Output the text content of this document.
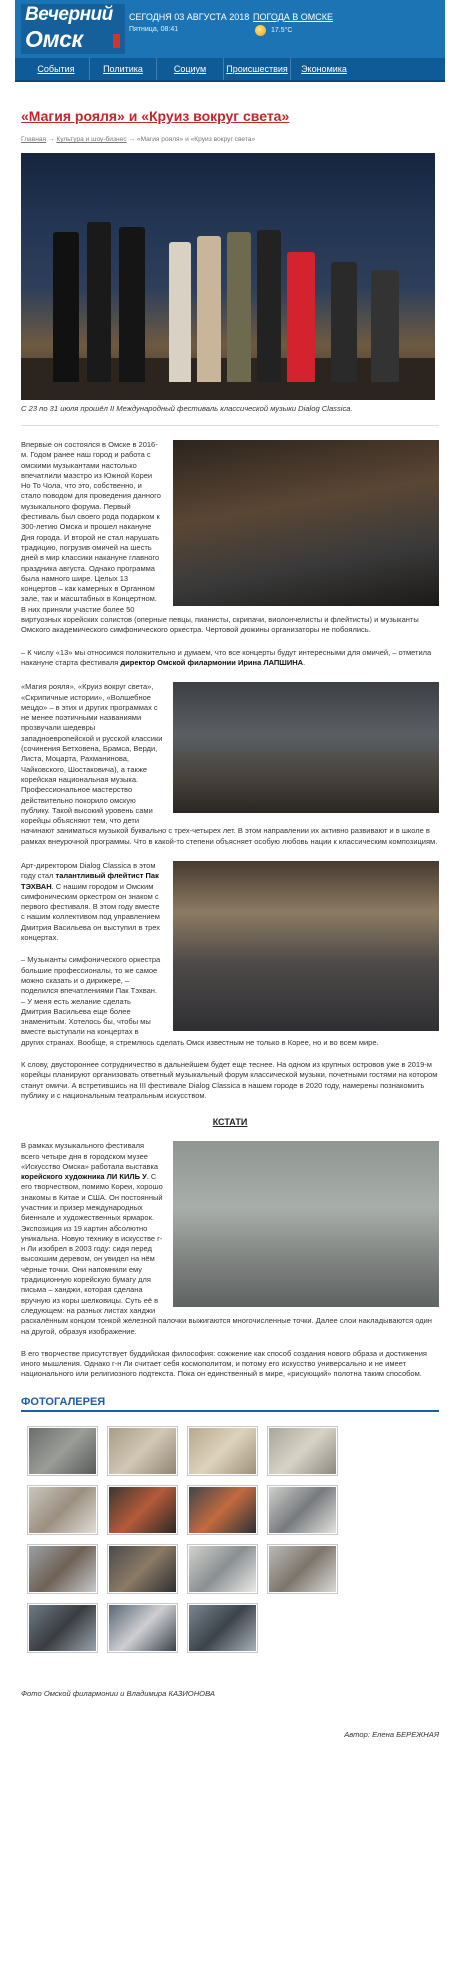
Вечерний
Омск
СЕГОДНЯ 03 АВГУСТА 2018
Пятница, 08:41
ПОГОДА В ОМСКЕ
17.5°C
События	Политика	Социум	Происшествия	Экономика
«Магия рояля» и «Круиз вокруг света»
Главная → Культура и шоу-бизнес → «Магия рояля» и «Круиз вокруг света»
С 23 по 31 июля прошёл II Международный фестиваль классической музыки Dialog Classica.
Впервые он состоялся в Омске в 2016-м. Годом ранее наш город и работа с омскими музыкантами настолько впечатлили маэстро из Южной Кореи Но То Чола, что это, собственно, и стало поводом для проведения данного музыкального форума. Первый фестиваль был своего рода подарком к 300-летию Омска и прошел накануне Дня города. И второй не стал нарушать традицию, погрузив омичей на шесть дней в мир классики накануне главного праздника августа. Однако программа была намного шире. Целых 13 концертов – как камерных в Органном зале, так и масштабных в Концертном. В них приняли участие более 50 виртуозных корейских солистов (оперные певцы, пианисты, скрипачи, виолончелисты и флейтисты) и музыканты Омского академического симфонического оркестра. Чертовой дюжины организаторы не побоялись.
– К числу «13» мы относимся положительно и думаем, что все концерты будут интересными для омичей, – отметила накануне старта фестиваля директор Омской филармонии Ирина ЛАПШИНА.
«Магия рояля», «Круиз вокруг света», «Скрипичные истории», «Волшебное мецдо» – в этих и других программах с не менее поэтичными названиями прозвучали шедевры западноевропейской и русской классики (сочинения Бетховена, Брамса, Верди, Листа, Моцарта, Рахманинова, Чайковского, Шостаковича), а также корейская национальная музыка. Профессиональное мастерство действительно покорило омскую публику. Такой высокий уровень сами корейцы объясняют тем, что дети начинают заниматься музыкой буквально с трех-четырех лет. В этом направлении их активно развивают и в школе в рамках внеурочной программы. Что в какой-то степени объясняет особую любовь нации к классическим композициям.
Арт-директором Dialog Classica в этом году стал талантливый флейтист Пак ТЭХВАН. С нашим городом и Омским симфоническим оркестром он знаком с первого фестиваля. В этом году вместе с нашим коллективом под управлением Дмитрия Васильева он выступил в трех концертах.
– Музыканты симфонического оркестра большие профессионалы, то же самое можно сказать и о дирижере, – поделился впечатлениями Пак Тэхван. – У меня есть желание сделать Дмитрия Васильева еще более знаменитым. Хотелось бы, чтобы мы вместе выступали на концертах в других странах. Вообще, я стремлюсь сделать Омск известным не только в Корее, но и во всем мире.
К слову, двустороннее сотрудничество в дальнейшем будет еще теснее. На одном из крупных островов уже в 2019-м корейцы планируют организовать ответный музыкальный форум классической музыки, почетными гостями на котором станут омичи. А встретившись на III фестивале Dialog Classica в нашем городе в 2020 году, намерены познакомить публику и с национальным театральным искусством.
КСТАТИ
В рамках музыкального фестиваля всего четыре дня в городском музее «Искусство Омска» работала выставка корейского художника ЛИ КИЛЬ У. С его творчеством, помимо Кореи, хорошо знакомы в Китае и США. Он постоянный участник и призер международных биеннале и художественных ярмарок. Экспозиция из 19 картин абсолютно уникальна. Новую технику в искусстве г-н Ли изобрел в 2003 году: сидя перед высохшим деревом, он увидел на нём чёрные точки. Они напомнили ему традиционную корейскую бумагу для письма – ханджи, которая сделана вручную из коры шелковицы. Суть её в следующем: на разных листах ханджи раскалённым концом тонкой железной палочки выжигаются многочисленные точки. Далее слои накладываются один на другой, образуя изображение.
В его творчестве присутствует буддийская философия: сожжение как способ создания нового образа и достижения иного мышления. Однако г-н Ли считает себя космополитом, и потому его искусство универсально и не имеет национального или религиозного подтекста. Пока он единственный в мире, «рисующий» полотна таким способом.
ФОТОГАЛЕРЕЯ
Фото Омской филармонии и Владимира КАЗИОНОВА
Автор: Елена БЕРЕЖНАЯ
